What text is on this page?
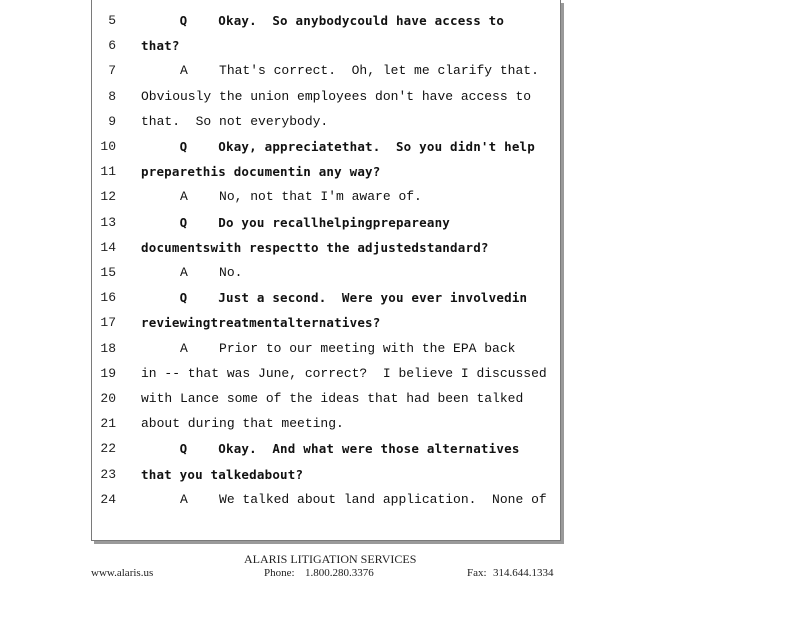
5 Q    Okay.  So anybodycould have access to
6 that?
7 A    That's correct.  Oh, let me clarify that.
8 Obviously the union employees don't have access to
9 that.  So not everybody.
10 Q    Okay, appreciatethat.  So you didn't help
11 preparethis documentin any way?
12 A    No, not that I'm aware of.
13 Q    Do you recallhelpingprepareany
14 documentswith respectto the adjustedstandard?
15 A    No.
16 Q    Just a second.  Were you ever involvedin
17 reviewingtreatmentalternatives?
18 A    Prior to our meeting with the EPA back
19 in -- that was June, correct?  I believe I discussed
20 with Lance some of the ideas that had been talked
21 about during that meeting.
22 Q    Okay.  And what were those alternatives
23 that you talkedabout?
24 A    We talked about land application.  None of
ALARIS LITIGATION SERVICES
www.alaris.us	Phone: 1.800.280.3376	Fax: 314.644.1334
